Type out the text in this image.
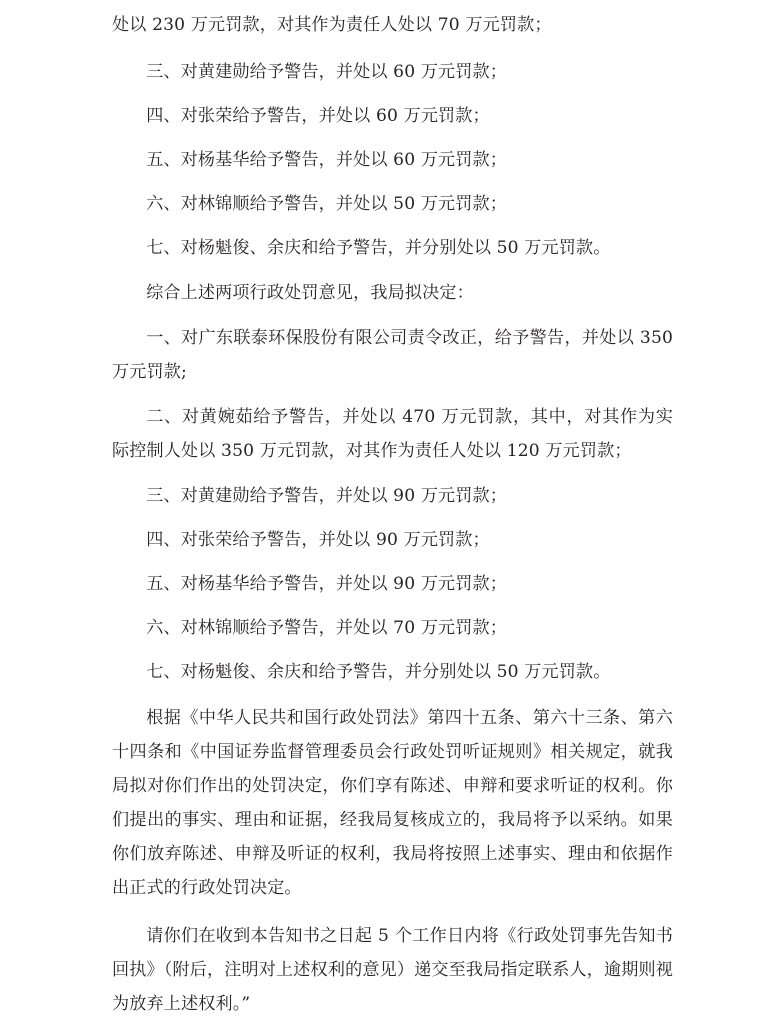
处以 230 万元罚款，对其作为责任人处以 70 万元罚款；

三、对黄建勋给予警告，并处以 60 万元罚款；

四、对张荣给予警告，并处以 60 万元罚款；

五、对杨基华给予警告，并处以 60 万元罚款；

六、对林锦顺给予警告，并处以 50 万元罚款；

七、对杨魁俊、余庆和给予警告，并分别处以 50 万元罚款。

综合上述两项行政处罚意见，我局拟决定：

一、对广东联泰环保股份有限公司责令改正，给予警告，并处以 350 万元罚款;

二、对黄婉茹给予警告，并处以 470 万元罚款，其中，对其作为实际控制人处以 350 万元罚款，对其作为责任人处以 120 万元罚款；

三、对黄建勋给予警告，并处以 90 万元罚款；

四、对张荣给予警告，并处以 90 万元罚款；

五、对杨基华给予警告，并处以 90 万元罚款；

六、对林锦顺给予警告，并处以 70 万元罚款；

七、对杨魁俊、余庆和给予警告，并分别处以 50 万元罚款。

根据《中华人民共和国行政处罚法》第四十五条、第六十三条、第六十四条和《中国证券监督管理委员会行政处罚听证规则》相关规定，就我局拟对你们作出的处罚决定，你们享有陈述、申辩和要求听证的权利。你们提出的事实、理由和证据，经我局复核成立的，我局将予以采纳。如果你们放弃陈述、申辩及听证的权利，我局将按照上述事实、理由和依据作出正式的行政处罚决定。

请你们在收到本告知书之日起 5 个工作日内将《行政处罚事先告知书回执》（附后，注明对上述权利的意见）递交至我局指定联系人，逾期则视为放弃上述权利。”
